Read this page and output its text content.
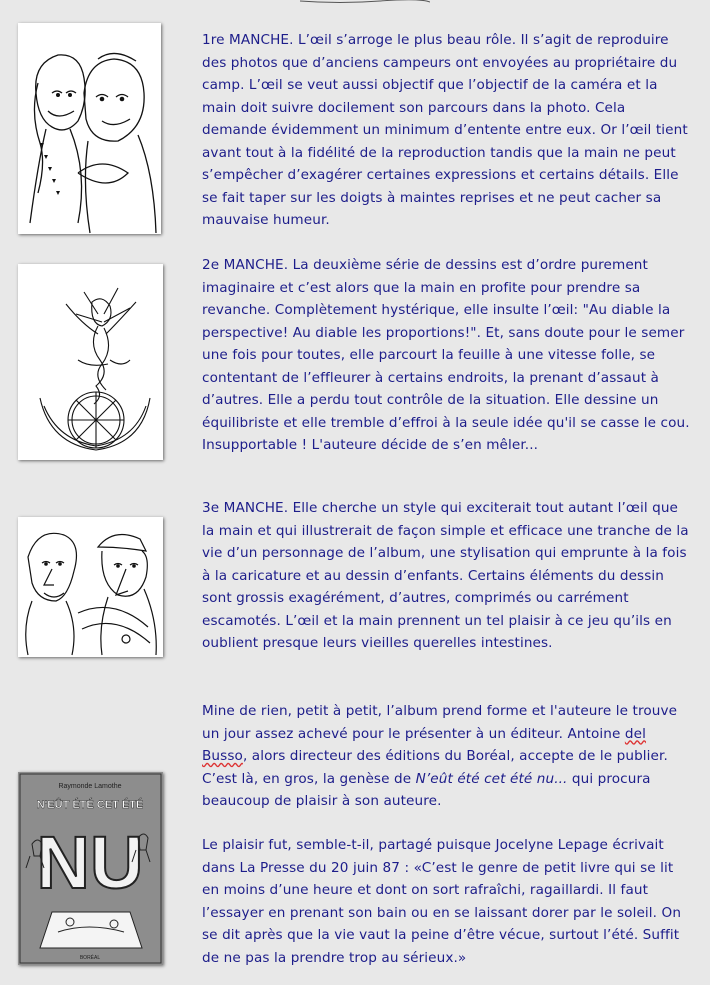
1re MANCHE. L’œil s’arroge le plus beau rôle. Il s’agit de reproduire des photos que d’anciens campeurs ont envoyées au propriétaire du camp. L’œil se veut aussi objectif que l’objectif de la caméra et la main doit suivre docilement son parcours dans la photo. Cela demande évidemment un minimum d’entente entre eux. Or l’œil tient avant tout à la fidélité de la reproduction tandis que la main ne peut s’empêcher d’exagérer certaines expressions et certains détails. Elle se fait taper sur les doigts à maintes reprises et ne peut cacher sa mauvaise humeur.

2e MANCHE. La deuxième série de dessins est d’ordre purement imaginaire et c’est alors que la main en profite pour prendre sa revanche. Complètement hystérique, elle insulte l’œil: "Au diable la perspective! Au diable les proportions!". Et, sans doute pour le semer une fois pour toutes, elle parcourt la feuille à une vitesse folle, se contentant de l’effleurer à certains endroits, la prenant d’assaut à d’autres. Elle a perdu tout contrôle de la situation. Elle dessine un équilibriste et elle tremble d’effroi à la seule idée qu'il se casse le cou. Insupportable ! L'auteure décide de s’en mêler...

3e MANCHE. Elle cherche un style qui exciterait tout autant l’œil que la main et qui illustrerait de façon simple et efficace une tranche de la vie d’un personnage de l’album, une stylisation qui emprunte à la fois à la caricature et au dessin d’enfants. Certains éléments du dessin sont grossis exagérément, d’autres, comprimés ou carrément escamotés. L’œil et la main prennent un tel plaisir à ce jeu qu’ils en oublient presque leurs vieilles querelles intestines.

Raymonde Lamothe
N'EÛT ÉTÉ CET ÉTÉ
NU
BORÉAL

Mine de rien, petit à petit, l’album prend forme et l'auteure le trouve un jour assez achevé pour le présenter à un éditeur. Antoine del Busso, alors directeur des éditions du Boréal, accepte de le publier. C’est là, en gros, la genèse de N’eût été cet été nu... qui procura beaucoup de plaisir à son auteure.

Le plaisir fut, semble-t-il, partagé puisque Jocelyne Lepage écrivait dans La Presse du 20 juin 87 : «C’est le genre de petit livre qui se lit en moins d’une heure et dont on sort rafraîchi, ragaillardi. Il faut l’essayer en prenant son bain ou en se laissant dorer par le soleil. On se dit après que la vie vaut la peine d’être vécue, surtout l’été. Suffit de ne pas la prendre trop au sérieux.»
